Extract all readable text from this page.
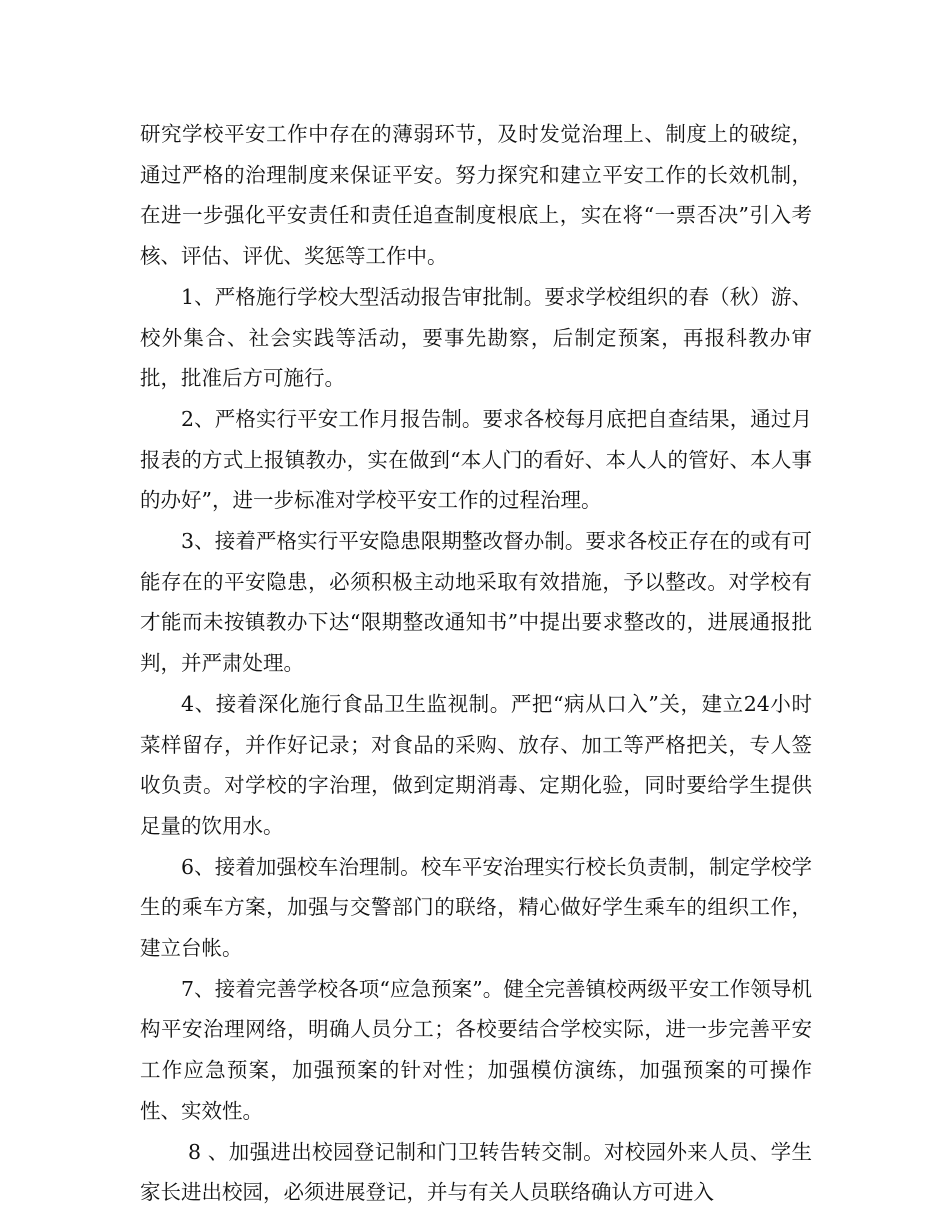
研究学校平安工作中存在的薄弱环节，及时发觉治理上、制度上的破绽，通过严格的治理制度来保证平安。努力探究和建立平安工作的长效机制，在进一步强化平安责任和责任追查制度根底上，实在将“一票否决”引入考核、评估、评优、奖惩等工作中。

1、严格施行学校大型活动报告审批制。要求学校组织的春（秋）游、校外集合、社会实践等活动，要事先勘察，后制定预案，再报科教办审批，批准后方可施行。

2、严格实行平安工作月报告制。要求各校每月底把自查结果，通过月报表的方式上报镇教办，实在做到“本人门的看好、本人人的管好、本人事的办好”，进一步标准对学校平安工作的过程治理。

3、接着严格实行平安隐患限期整改督办制。要求各校正存在的或有可能存在的平安隐患，必须积极主动地采取有效措施，予以整改。对学校有才能而未按镇教办下达“限期整改通知书”中提出要求整改的，进展通报批判，并严肃处理。

4、接着深化施行食品卫生监视制。严把“病从口入”关，建立24小时菜样留存，并作好记录；对食品的采购、放存、加工等严格把关，专人签收负责。对学校的字治理，做到定期消毒、定期化验，同时要给学生提供足量的饮用水。

6、接着加强校车治理制。校车平安治理实行校长负责制，制定学校学生的乘车方案，加强与交警部门的联络，精心做好学生乘车的组织工作，建立台帐。

7、接着完善学校各项“应急预案”。健全完善镇校两级平安工作领导机构平安治理网络，明确人员分工；各校要结合学校实际，进一步完善平安工作应急预案，加强预案的针对性；加强模仿演练，加强预案的可操作性、实效性。

8 、加强进出校园登记制和门卫转告转交制。对校园外来人员、学生家长进出校园，必须进展登记，并与有关人员联络确认方可进入
